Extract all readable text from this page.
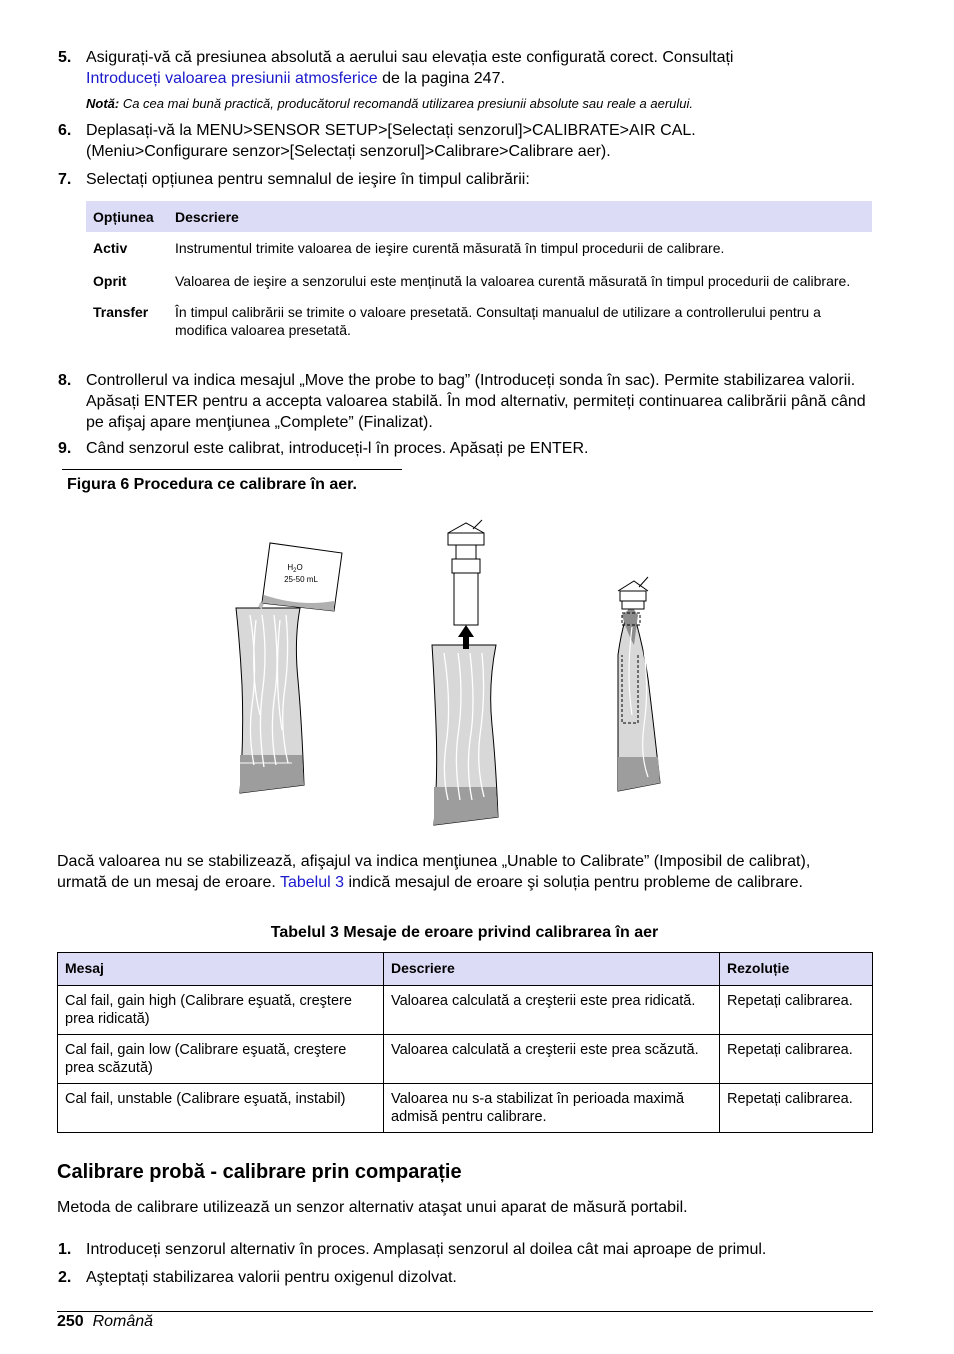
5. Asigurați-vă că presiunea absolută a aerului sau elevația este configurată corect. Consultați
Introduceți valoarea presiunii atmosferice de la pagina 247.
Notă: Ca cea mai bună practică, producătorul recomandă utilizarea presiunii absolute sau reale a aerului.
6. Deplasați-vă la MENU>SENSOR SETUP>[Selectați senzorul]>CALIBRATE>AIR CAL.
(Meniu>Configurare senzor>[Selectați senzorul]>Calibrare>Calibrare aer).
7. Selectați opțiunea pentru semnalul de ieşire în timpul calibrării:
Opțiunea	Descriere
Activ	Instrumentul trimite valoarea de ieşire curentă măsurată în timpul procedurii de calibrare.
Oprit	Valoarea de ieşire a senzorului este menținută la valoarea curentă măsurată în timpul procedurii de calibrare.
Transfer	În timpul calibrării se trimite o valoare presetată. Consultați manualul de utilizare a controllerului pentru a modifica valoarea presetată.
8. Controllerul va indica mesajul „Move the probe to bag” (Introduceți sonda în sac). Permite stabilizarea valorii. Apăsați ENTER pentru a accepta valoarea stabilă. În mod alternativ, permiteți continuarea calibrării până când pe afişaj apare menţiunea „Complete” (Finalizat).
9. Când senzorul este calibrat, introduceți-l în proces. Apăsați pe ENTER.
Figura 6 Procedura ce calibrare în aer.
$H_2O$
25-50 mL
Dacă valoarea nu se stabilizează, afişajul va indica menţiunea „Unable to Calibrate” (Imposibil de calibrat), urmată de un mesaj de eroare. Tabelul 3 indică mesajul de eroare şi soluția pentru probleme de calibrare.
Tabelul 3 Mesaje de eroare privind calibrarea în aer
Mesaj	Descriere	Rezoluție
Cal fail, gain high (Calibrare eşuată, creştere prea ridicată)	Valoarea calculată a creşterii este prea ridicată.	Repetați calibrarea.
Cal fail, gain low (Calibrare eşuată, creştere prea scăzută)	Valoarea calculată a creşterii este prea scăzută.	Repetați calibrarea.
Cal fail, unstable (Calibrare eşuată, instabil)	Valoarea nu s-a stabilizat în perioada maximă admisă pentru calibrare.	Repetați calibrarea.
Calibrare probă - calibrare prin comparație
Metoda de calibrare utilizează un senzor alternativ ataşat unui aparat de măsură portabil.
1. Introduceți senzorul alternativ în proces. Amplasați senzorul al doilea cât mai aproape de primul.
2. Aşteptați stabilizarea valorii pentru oxigenul dizolvat.
250 Română
